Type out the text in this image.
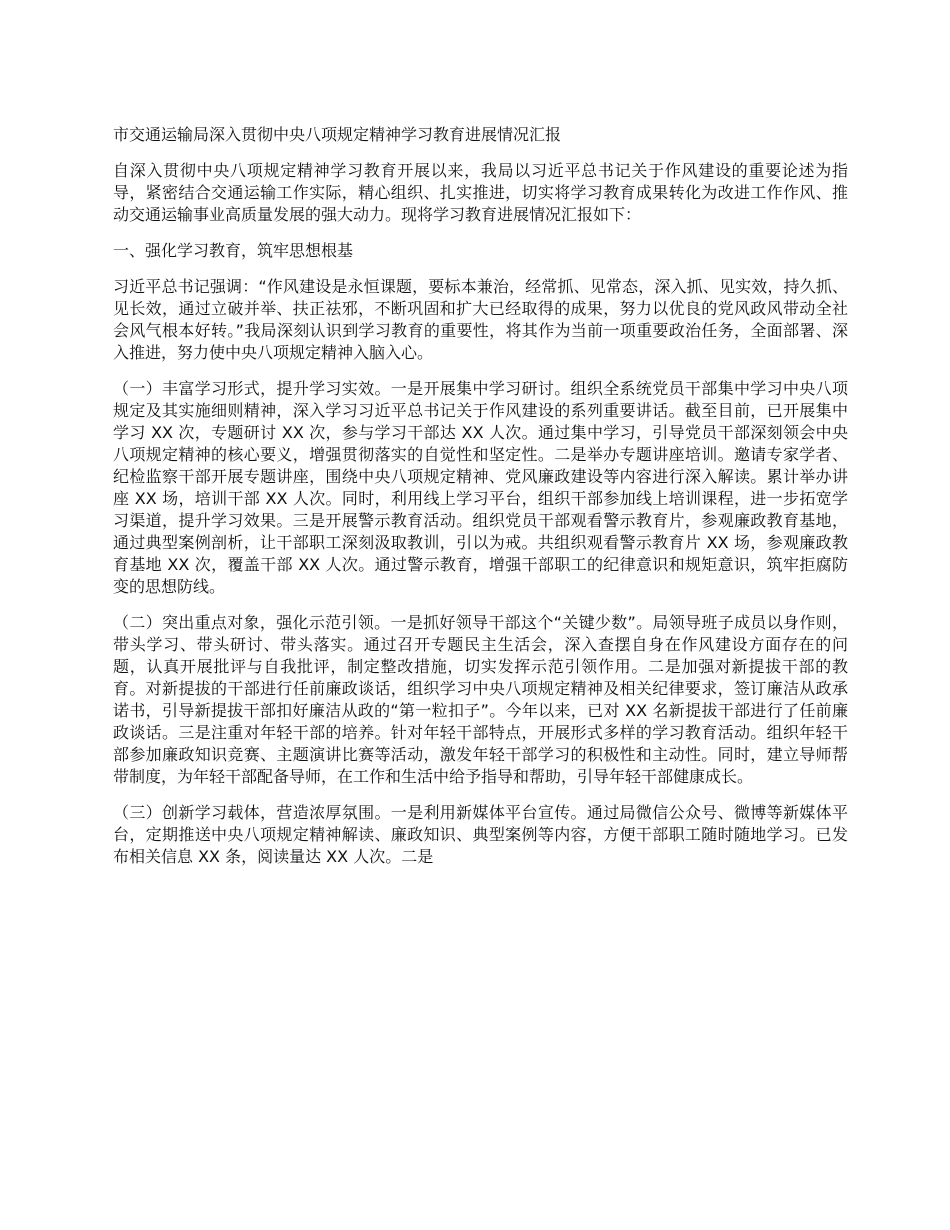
市交通运输局深入贯彻中央八项规定精神学习教育进展情况汇报

自深入贯彻中央八项规定精神学习教育开展以来，我局以习近平总书记关于作风建设的重要论述为指导，紧密结合交通运输工作实际，精心组织、扎实推进，切实将学习教育成果转化为改进工作作风、推动交通运输事业高质量发展的强大动力。现将学习教育进展情况汇报如下：

一、强化学习教育，筑牢思想根基

习近平总书记强调：“作风建设是永恒课题，要标本兼治，经常抓、见常态，深入抓、见实效，持久抓、见长效，通过立破并举、扶正祛邪，不断巩固和扩大已经取得的成果，努力以优良的党风政风带动全社会风气根本好转。”我局深刻认识到学习教育的重要性，将其作为当前一项重要政治任务，全面部署、深入推进，努力使中央八项规定精神入脑入心。

（一）丰富学习形式，提升学习实效。一是开展集中学习研讨。组织全系统党员干部集中学习中央八项规定及其实施细则精神，深入学习习近平总书记关于作风建设的系列重要讲话。截至目前，已开展集中学习 XX 次，专题研讨 XX 次，参与学习干部达 XX 人次。通过集中学习，引导党员干部深刻领会中央八项规定精神的核心要义，增强贯彻落实的自觉性和坚定性。二是举办专题讲座培训。邀请专家学者、纪检监察干部开展专题讲座，围绕中央八项规定精神、党风廉政建设等内容进行深入解读。累计举办讲座 XX 场，培训干部 XX 人次。同时，利用线上学习平台，组织干部参加线上培训课程，进一步拓宽学习渠道，提升学习效果。三是开展警示教育活动。组织党员干部观看警示教育片，参观廉政教育基地，通过典型案例剖析，让干部职工深刻汲取教训，引以为戒。共组织观看警示教育片 XX 场，参观廉政教育基地 XX 次，覆盖干部 XX 人次。通过警示教育，增强干部职工的纪律意识和规矩意识，筑牢拒腐防变的思想防线。

（二）突出重点对象，强化示范引领。一是抓好领导干部这个“关键少数”。局领导班子成员以身作则，带头学习、带头研讨、带头落实。通过召开专题民主生活会，深入查摆自身在作风建设方面存在的问题，认真开展批评与自我批评，制定整改措施，切实发挥示范引领作用。二是加强对新提拔干部的教育。对新提拔的干部进行任前廉政谈话，组织学习中央八项规定精神及相关纪律要求，签订廉洁从政承诺书，引导新提拔干部扣好廉洁从政的“第一粒扣子”。今年以来，已对 XX 名新提拔干部进行了任前廉政谈话。三是注重对年轻干部的培养。针对年轻干部特点，开展形式多样的学习教育活动。组织年轻干部参加廉政知识竞赛、主题演讲比赛等活动，激发年轻干部学习的积极性和主动性。同时，建立导师帮带制度，为年轻干部配备导师，在工作和生活中给予指导和帮助，引导年轻干部健康成长。

（三）创新学习载体，营造浓厚氛围。一是利用新媒体平台宣传。通过局微信公众号、微博等新媒体平台，定期推送中央八项规定精神解读、廉政知识、典型案例等内容，方便干部职工随时随地学习。已发布相关信息 XX 条，阅读量达 XX 人次。二是
